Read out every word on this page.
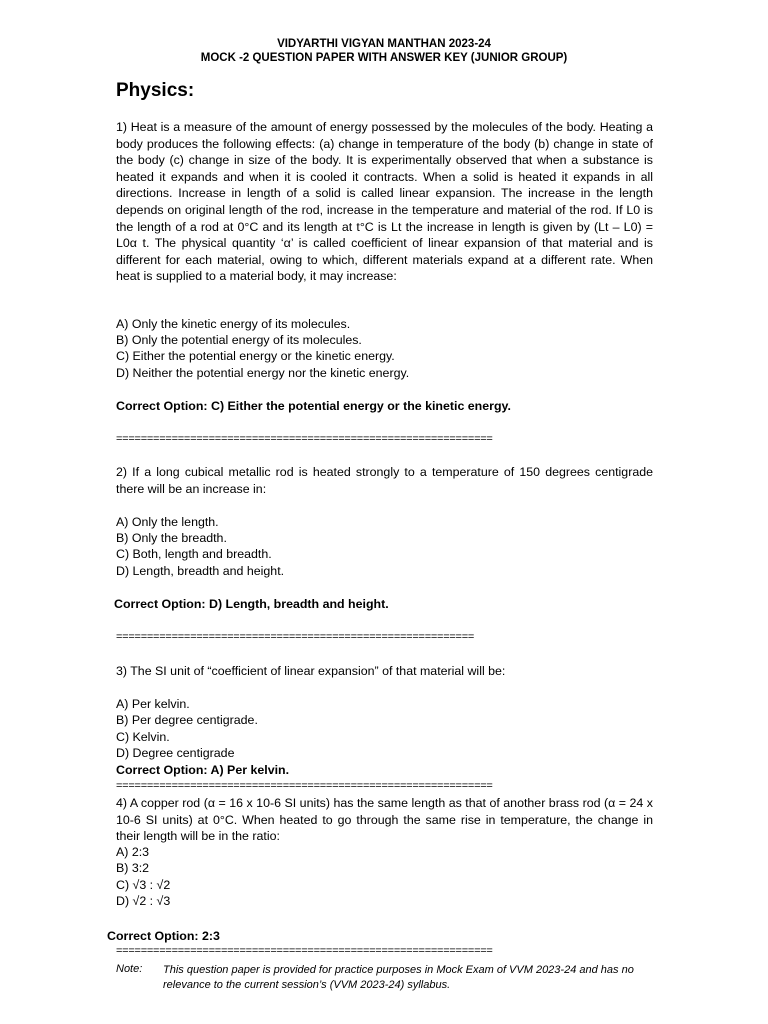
VIDYARTHI VIGYAN MANTHAN 2023-24
MOCK -2 QUESTION PAPER WITH ANSWER KEY (JUNIOR GROUP)
Physics:
1) Heat is a measure of the amount of energy possessed by the molecules of the body. Heating a body produces the following effects: (a) change in temperature of the body (b) change in state of the body (c) change in size of the body. It is experimentally observed that when a substance is heated it expands and when it is cooled it contracts. When a solid is heated it expands in all directions. Increase in length of a solid is called linear expansion. The increase in the length depends on original length of the rod, increase in the temperature and material of the rod. If L0 is the length of a rod at 0°C and its length at t°C is Lt the increase in length is given by (Lt – L0) = L0α t. The physical quantity ‘α’ is called coefficient of linear expansion of that material and is different for each material, owing to which, different materials expand at a different rate. When heat is supplied to a material body, it may increase:
A) Only the kinetic energy of its molecules.
B) Only the potential energy of its molecules.
C) Either the potential energy or the kinetic energy.
D) Neither the potential energy nor the kinetic energy.
Correct Option: C) Either the potential energy or the kinetic energy.
=============================================================
2) If a long cubical metallic rod is heated strongly to a temperature of 150 degrees centigrade there will be an increase in:
A) Only the length.
B) Only the breadth.
C) Both, length and breadth.
D) Length, breadth and height.
Correct Option: D) Length, breadth and height.
==========================================================
3) The SI unit of “coefficient of linear expansion” of that material will be:
A) Per kelvin.
B) Per degree centigrade.
C) Kelvin.
D) Degree centigrade
Correct Option: A) Per kelvin.
=============================================================
4) A copper rod (α = 16 x 10-6 SI units) has the same length as that of another brass rod (α = 24 x 10-6 SI units) at 0°C. When heated to go through the same rise in temperature, the change in their length will be in the ratio:
A) 2:3
B) 3:2
C) √3 : √2
D) √2 : √3
Correct Option: 2:3
=============================================================
Note: This question paper is provided for practice purposes in Mock Exam of VVM 2023-24 and has no relevance to the current session’s (VVM 2023-24) syllabus.
